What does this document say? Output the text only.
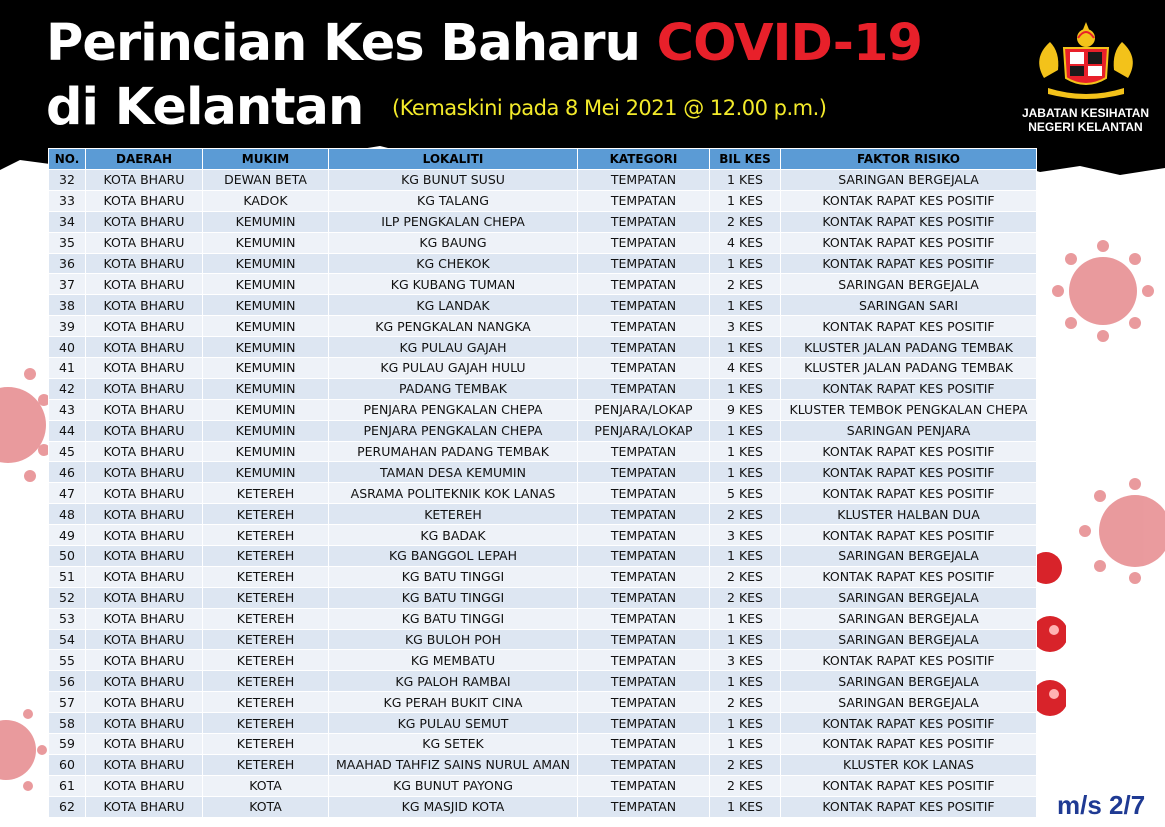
Perincian Kes Baharu COVID-19
di Kelantan (Kemaskini pada 8 Mei 2021 @ 12.00 p.m.)	JABATAN KESIHATAN
NEGERI KELANTAN
NO.	DAERAH	MUKIM	LOKALITI	KATEGORI	BIL KES	FAKTOR RISIKO
32	KOTA BHARU	DEWAN BETA	KG BUNUT SUSU	TEMPATAN	1 KES	SARINGAN BERGEJALA
33	KOTA BHARU	KADOK	KG TALANG	TEMPATAN	1 KES	KONTAK RAPAT KES POSITIF
34	KOTA BHARU	KEMUMIN	ILP PENGKALAN CHEPA	TEMPATAN	2 KES	KONTAK RAPAT KES POSITIF
35	KOTA BHARU	KEMUMIN	KG BAUNG	TEMPATAN	4 KES	KONTAK RAPAT KES POSITIF
36	KOTA BHARU	KEMUMIN	KG CHEKOK	TEMPATAN	1 KES	KONTAK RAPAT KES POSITIF
37	KOTA BHARU	KEMUMIN	KG KUBANG TUMAN	TEMPATAN	2 KES	SARINGAN BERGEJALA
38	KOTA BHARU	KEMUMIN	KG LANDAK	TEMPATAN	1 KES	SARINGAN SARI
39	KOTA BHARU	KEMUMIN	KG PENGKALAN NANGKA	TEMPATAN	3 KES	KONTAK RAPAT KES POSITIF
40	KOTA BHARU	KEMUMIN	KG PULAU GAJAH	TEMPATAN	1 KES	KLUSTER JALAN PADANG TEMBAK
41	KOTA BHARU	KEMUMIN	KG PULAU GAJAH HULU	TEMPATAN	4 KES	KLUSTER JALAN PADANG TEMBAK
42	KOTA BHARU	KEMUMIN	PADANG TEMBAK	TEMPATAN	1 KES	KONTAK RAPAT KES POSITIF
43	KOTA BHARU	KEMUMIN	PENJARA PENGKALAN CHEPA	PENJARA/LOKAP	9 KES	KLUSTER TEMBOK PENGKALAN CHEPA
44	KOTA BHARU	KEMUMIN	PENJARA PENGKALAN CHEPA	PENJARA/LOKAP	1 KES	SARINGAN PENJARA
45	KOTA BHARU	KEMUMIN	PERUMAHAN PADANG TEMBAK	TEMPATAN	1 KES	KONTAK RAPAT KES POSITIF
46	KOTA BHARU	KEMUMIN	TAMAN DESA KEMUMIN	TEMPATAN	1 KES	KONTAK RAPAT KES POSITIF
47	KOTA BHARU	KETEREH	ASRAMA POLITEKNIK KOK LANAS	TEMPATAN	5 KES	KONTAK RAPAT KES POSITIF
48	KOTA BHARU	KETEREH	KETEREH	TEMPATAN	2 KES	KLUSTER HALBAN DUA
49	KOTA BHARU	KETEREH	KG BADAK	TEMPATAN	3 KES	KONTAK RAPAT KES POSITIF
50	KOTA BHARU	KETEREH	KG BANGGOL LEPAH	TEMPATAN	1 KES	SARINGAN BERGEJALA
51	KOTA BHARU	KETEREH	KG BATU TINGGI	TEMPATAN	2 KES	KONTAK RAPAT KES POSITIF
52	KOTA BHARU	KETEREH	KG BATU TINGGI	TEMPATAN	2 KES	SARINGAN BERGEJALA
53	KOTA BHARU	KETEREH	KG BATU TINGGI	TEMPATAN	1 KES	SARINGAN BERGEJALA
54	KOTA BHARU	KETEREH	KG BULOH POH	TEMPATAN	1 KES	SARINGAN BERGEJALA
55	KOTA BHARU	KETEREH	KG MEMBATU	TEMPATAN	3 KES	KONTAK RAPAT KES POSITIF
56	KOTA BHARU	KETEREH	KG PALOH RAMBAI	TEMPATAN	1 KES	SARINGAN BERGEJALA
57	KOTA BHARU	KETEREH	KG PERAH BUKIT CINA	TEMPATAN	2 KES	SARINGAN BERGEJALA
58	KOTA BHARU	KETEREH	KG PULAU SEMUT	TEMPATAN	1 KES	KONTAK RAPAT KES POSITIF
59	KOTA BHARU	KETEREH	KG SETEK	TEMPATAN	1 KES	KONTAK RAPAT KES POSITIF
60	KOTA BHARU	KETEREH	MAAHAD TAHFIZ SAINS NURUL AMAN	TEMPATAN	2 KES	KLUSTER KOK LANAS
61	KOTA BHARU	KOTA	KG BUNUT PAYONG	TEMPATAN	2 KES	KONTAK RAPAT KES POSITIF
62	KOTA BHARU	KOTA	KG MASJID KOTA	TEMPATAN	1 KES	KONTAK RAPAT KES POSITIF m/s 2/7
